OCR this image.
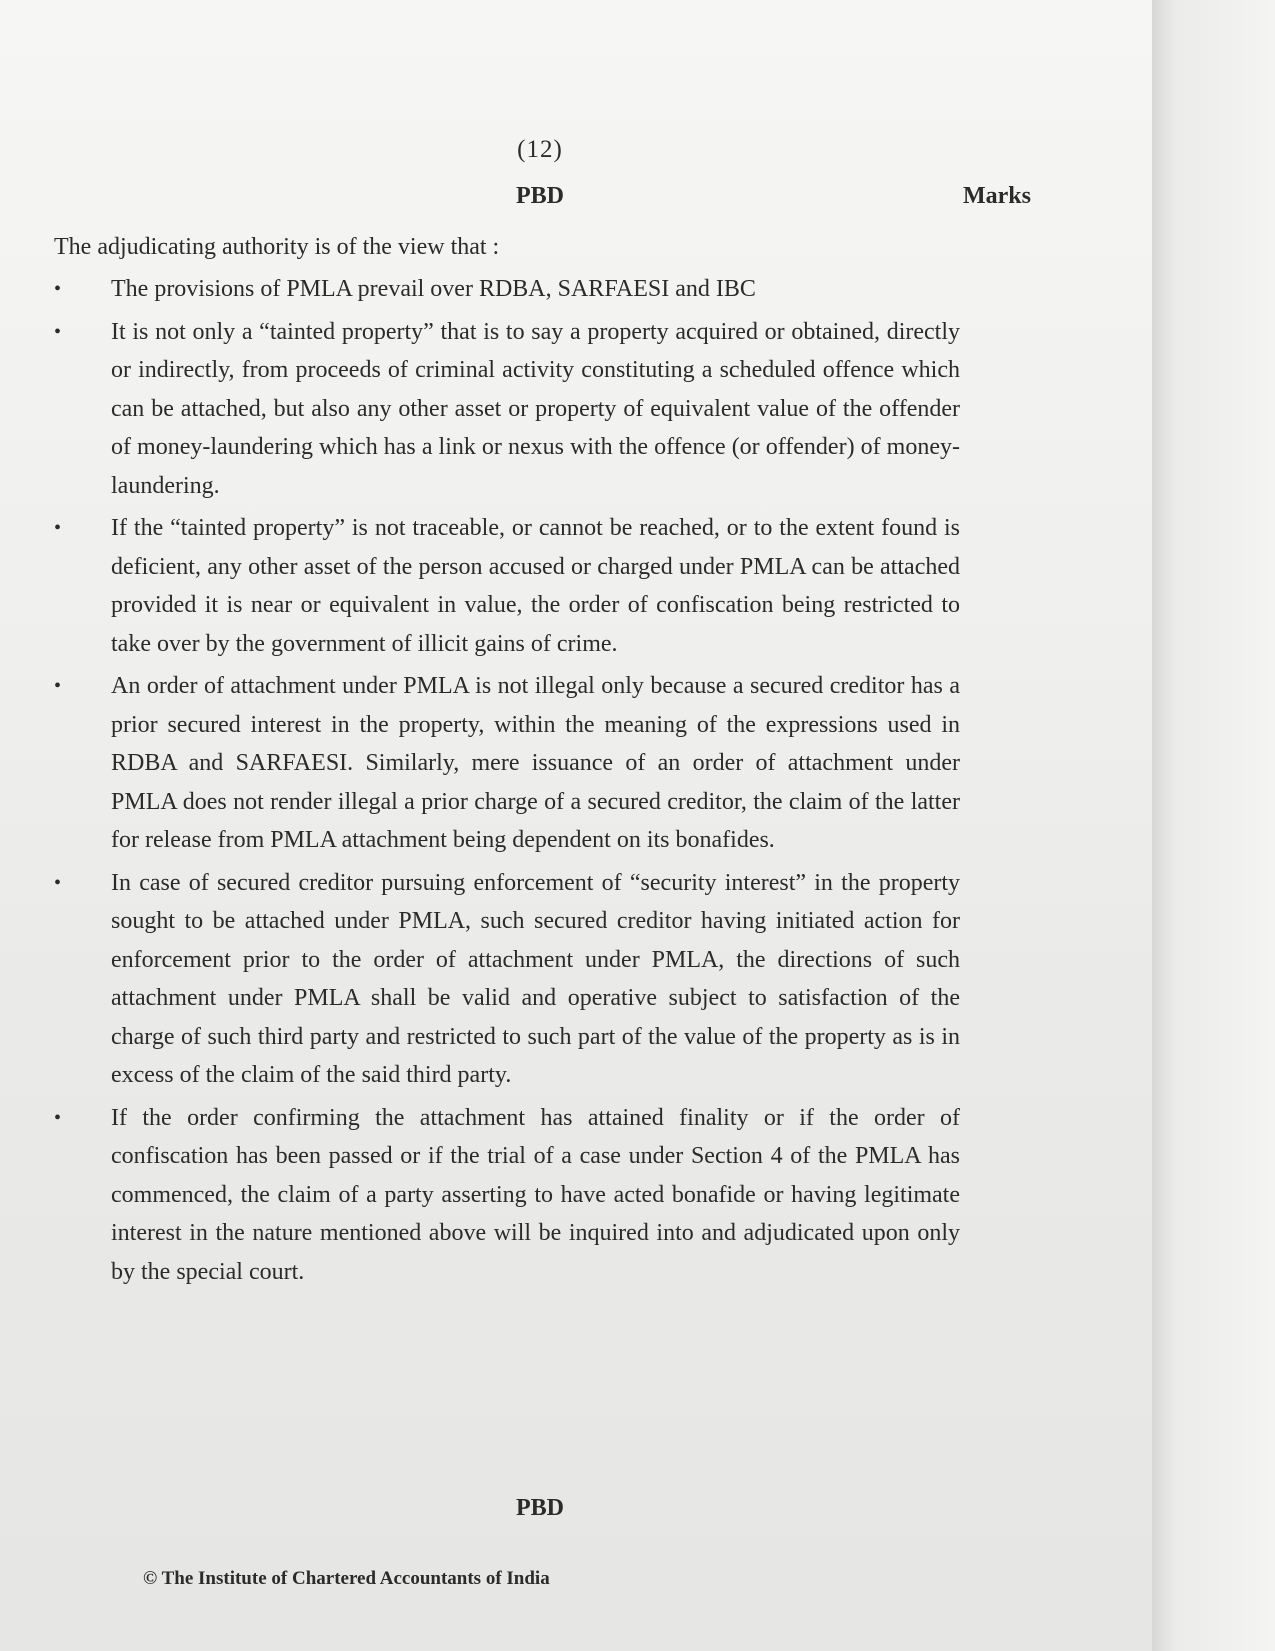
(12)
PBD	Marks
The adjudicating authority is of the view that :
• The provisions of PMLA prevail over RDBA, SARFAESI and IBC
• It is not only a “tainted property” that is to say a property acquired or obtained, directly or indirectly, from proceeds of criminal activity constituting a scheduled offence which can be attached, but also any other asset or property of equivalent value of the offender of money-laundering which has a link or nexus with the offence (or offender) of money-laundering.
• If the “tainted property” is not traceable, or cannot be reached, or to the extent found is deficient, any other asset of the person accused or charged under PMLA can be attached provided it is near or equivalent in value, the order of confiscation being restricted to take over by the government of illicit gains of crime.
• An order of attachment under PMLA is not illegal only because a secured creditor has a prior secured interest in the property, within the meaning of the expressions used in RDBA and SARFAESI. Similarly, mere issuance of an order of attachment under PMLA does not render illegal a prior charge of a secured creditor, the claim of the latter for release from PMLA attachment being dependent on its bonafides.
• In case of secured creditor pursuing enforcement of “security interest” in the property sought to be attached under PMLA, such secured creditor having initiated action for enforcement prior to the order of attachment under PMLA, the directions of such attachment under PMLA shall be valid and operative subject to satisfaction of the charge of such third party and restricted to such part of the value of the property as is in excess of the claim of the said third party.
• If the order confirming the attachment has attained finality or if the order of confiscation has been passed or if the trial of a case under Section 4 of the PMLA has commenced, the claim of a party asserting to have acted bonafide or having legitimate interest in the nature mentioned above will be inquired into and adjudicated upon only by the special court.
PBD
© The Institute of Chartered Accountants of India
